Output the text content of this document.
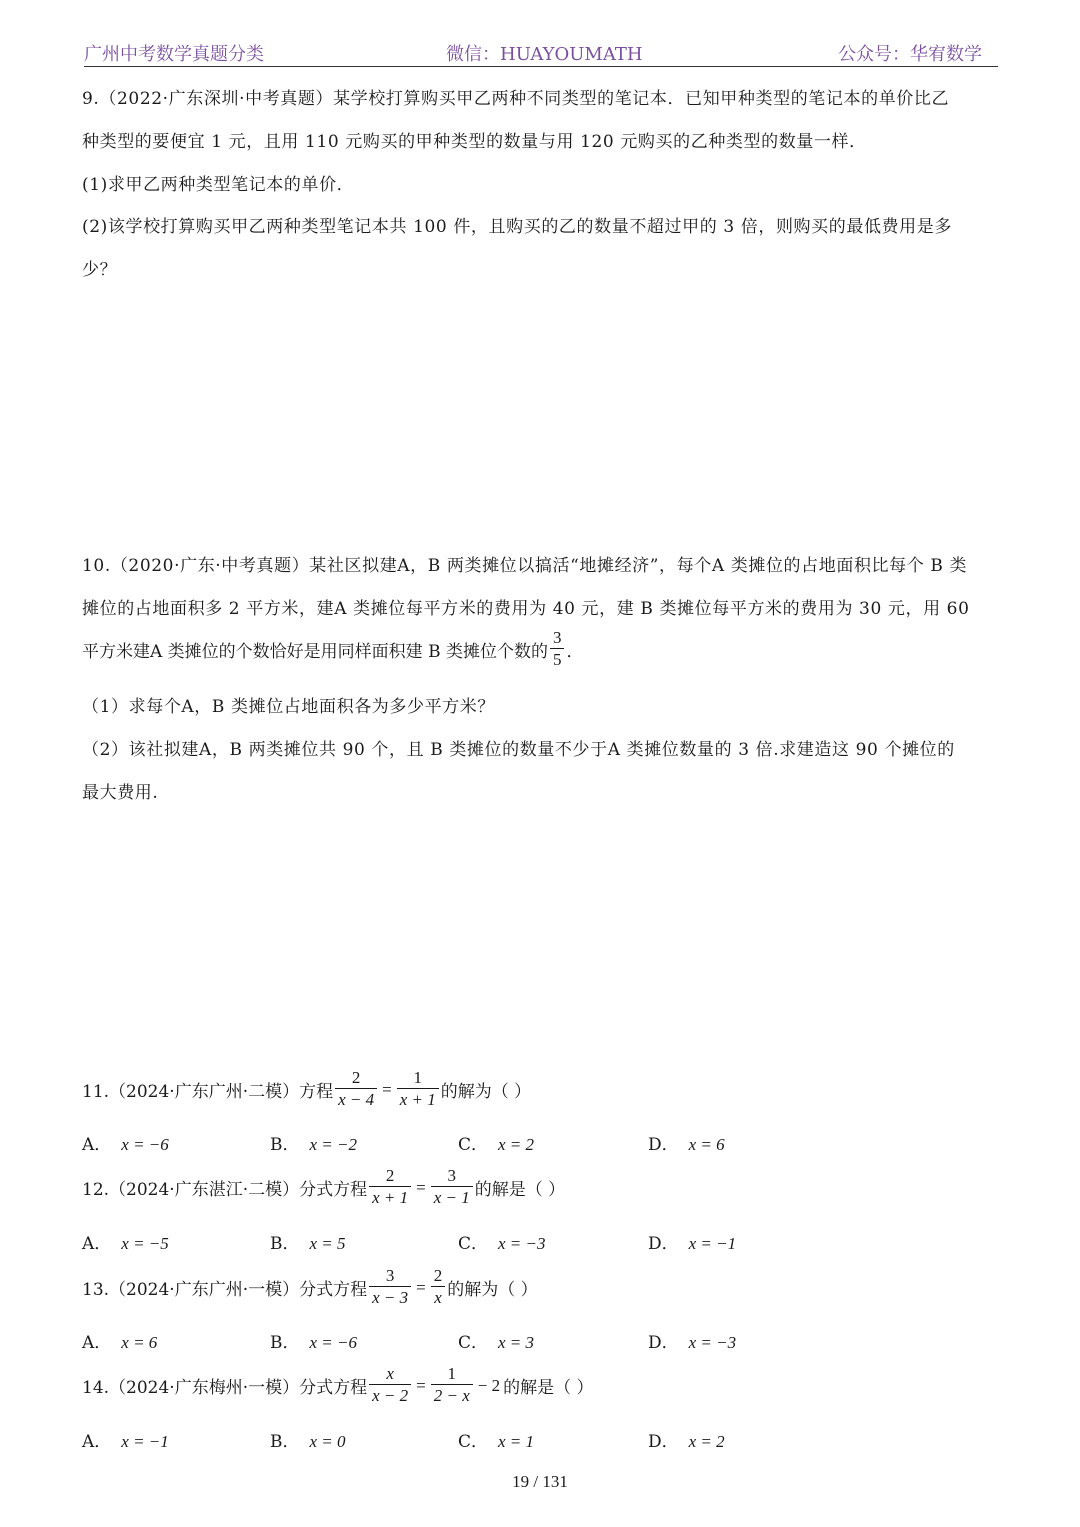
广州中考数学真题分类	微信：HUAYOUMATH	公众号：华宥数学
9.（2022·广东深圳·中考真题）某学校打算购买甲乙两种不同类型的笔记本．已知甲种类型的笔记本的单价比乙
种类型的要便宜 1 元，且用 110 元购买的甲种类型的数量与用 120 元购买的乙种类型的数量一样．
(1)求甲乙两种类型笔记本的单价．
(2)该学校打算购买甲乙两种类型笔记本共 100 件，且购买的乙的数量不超过甲的 3 倍，则购买的最低费用是多
少？
10.（2020·广东·中考真题）某社区拟建A，B 两类摊位以搞活“地摊经济”，每个A 类摊位的占地面积比每个 B 类
摊位的占地面积多 2 平方米，建A 类摊位每平方米的费用为 40 元，建 B 类摊位每平方米的费用为 30 元，用 60
平方米建A 类摊位的个数恰好是用同样面积建 B 类摊位个数的 $\frac{3}{5}$ ．
（1）求每个A，B 类摊位占地面积各为多少平方米？
（2）该社拟建A，B 两类摊位共 90 个，且 B 类摊位的数量不少于A 类摊位数量的 3 倍.求建造这 90 个摊位的
最大费用.
11.（2024·广东广州·二模）方程 $\frac{2}{x - 4} = \frac{1}{x + 1}$ 的解为（ ）
A． x = −6	B． x = −2	C． x = 2	D． x = 6
12.（2024·广东湛江·二模）分式方程 $\frac{2}{x + 1} = \frac{3}{x - 1}$ 的解是（ ）
A． x = −5	B． x = 5	C． x = −3	D． x = −1
13.（2024·广东广州·一模）分式方程 $\frac{3}{x - 3} = \frac{2}{x}$ 的解为（ ）
A． x = 6	B． x = −6	C． x = 3	D． x = −3
14.（2024·广东梅州·一模）分式方程 $\frac{x}{x - 2} = \frac{1}{2 - x} - 2$ 的解是（ ）
A． x = −1	B． x = 0	C． x = 1	D． x = 2
19 / 131
